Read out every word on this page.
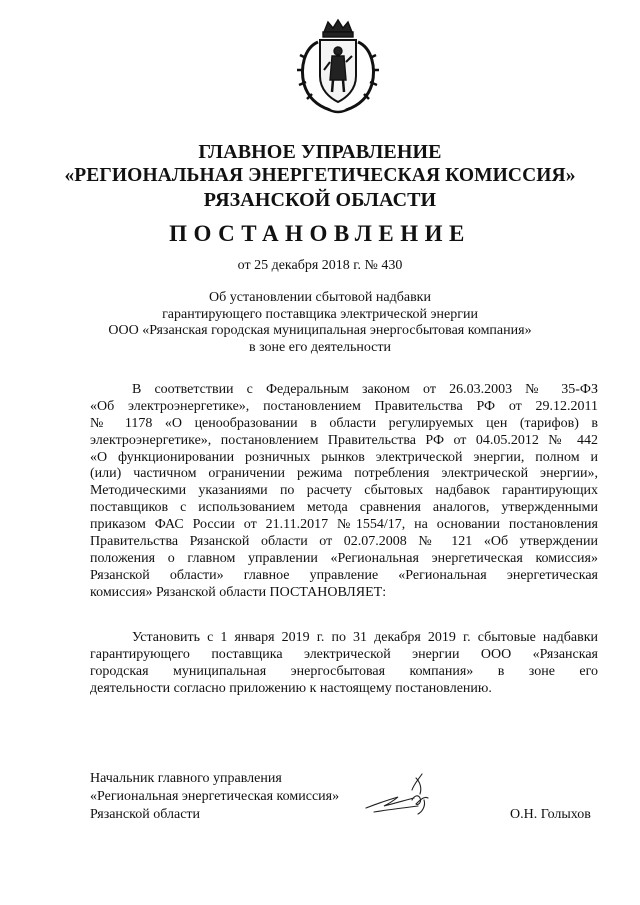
ГЛАВНОЕ УПРАВЛЕНИЕ
«РЕГИОНАЛЬНАЯ ЭНЕРГЕТИЧЕСКАЯ КОМИССИЯ»
РЯЗАНСКОЙ ОБЛАСТИ
ПОСТАНОВЛЕНИЕ
от 25 декабря 2018 г. № 430
Об установлении сбытовой надбавки
гарантирующего поставщика электрической энергии
ООО «Рязанская городская муниципальная энергосбытовая компания»
в зоне его деятельности
В соответствии с Федеральным законом от 26.03.2003 № 35-ФЗ
«Об электроэнергетике», постановлением Правительства РФ от 29.12.2011
№ 1178 «О ценообразовании в области регулируемых цен (тарифов) в
электроэнергетике», постановлением Правительства РФ от 04.05.2012 № 442
«О функционировании розничных рынков электрической энергии, полном и
(или) частичном ограничении режима потребления электрической энергии»,
Методическими указаниями по расчету сбытовых надбавок гарантирующих
поставщиков с использованием метода сравнения аналогов, утвержденными
приказом ФАС России от 21.11.2017 №1554/17, на основании постановления
Правительства Рязанской области от 02.07.2008 № 121 «Об утверждении
положения о главном управлении «Региональная энергетическая комиссия»
Рязанской области» главное управление «Региональная энергетическая
комиссия» Рязанской области ПОСТАНОВЛЯЕТ:
Установить с 1 января 2019 г. по 31 декабря 2019 г. сбытовые надбавки
гарантирующего поставщика электрической энергии ООО «Рязанская
городская муниципальная энергосбытовая компания» в зоне его
деятельности согласно приложению к настоящему постановлению.
Начальник главного управления
«Региональная энергетическая комиссия»
Рязанской области	О.Н. Голыхов
